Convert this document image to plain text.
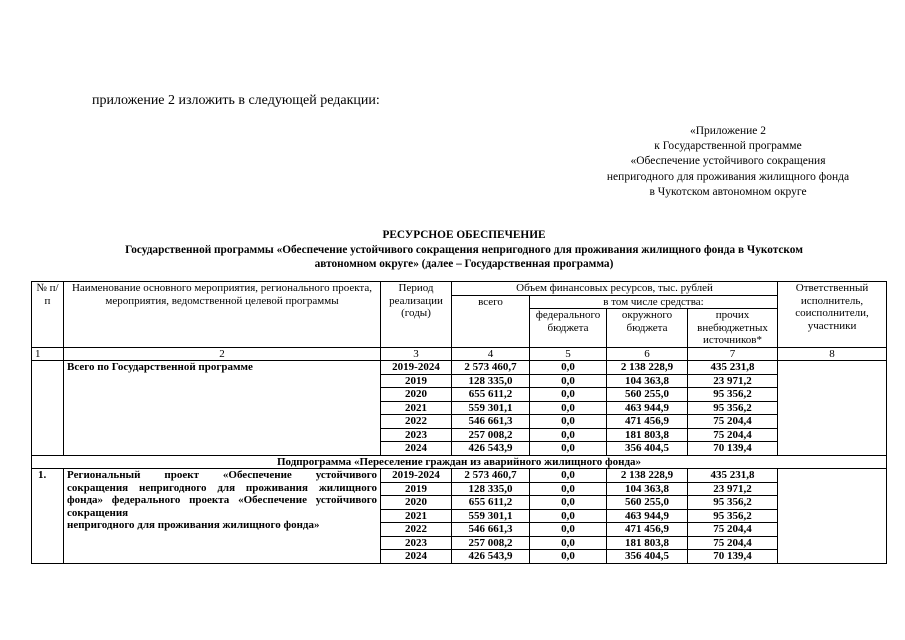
приложение 2 изложить в следующей редакции:
«Приложение 2
к Государственной программе
«Обеспечение устойчивого сокращения
непригодного для проживания жилищного фонда
в Чукотском автономном округе
РЕСУРСНОЕ ОБЕСПЕЧЕНИЕ
Государственной программы «Обеспечение устойчивого сокращения непригодного для проживания жилищного фонда в Чукотском
автономном округе» (далее – Государственная программа)
№ п/п	Наименование основного мероприятия, регионального проекта, мероприятия, ведомственной целевой программы	Период реализации (годы)	Объем финансовых ресурсов, тыс. рублей				Ответственный исполнитель, соисполнители, участники
			всего	в том числе средства:			
				федерального бюджета	окружного бюджета	прочих внебюджетных источников*	
1	2	3	4	5	6	7	8
	Всего по Государственной программе	2019-2024	2 573 460,7	0,0	2 138 228,9	435 231,8	
		2019	128 335,0	0,0	104 363,8	23 971,2	
		2020	655 611,2	0,0	560 255,0	95 356,2	
		2021	559 301,1	0,0	463 944,9	95 356,2	
		2022	546 661,3	0,0	471 456,9	75 204,4	
		2023	257 008,2	0,0	181 803,8	75 204,4	
		2024	426 543,9	0,0	356 404,5	70 139,4	
Подпрограмма «Переселение граждан из аварийного жилищного фонда»							
1.	Региональный проект «Обеспечение устойчивого сокращения непригодного для проживания жилищного фонда» федерального проекта «Обеспечение устойчивого сокращения
непригодного для проживания жилищного фонда»	2019-2024	2 573 460,7	0,0	2 138 228,9	435 231,8	
		2019	128 335,0	0,0	104 363,8	23 971,2	
		2020	655 611,2	0,0	560 255,0	95 356,2	
		2021	559 301,1	0,0	463 944,9	95 356,2	
		2022	546 661,3	0,0	471 456,9	75 204,4	
		2023	257 008,2	0,0	181 803,8	75 204,4	
		2024	426 543,9	0,0	356 404,5	70 139,4	
